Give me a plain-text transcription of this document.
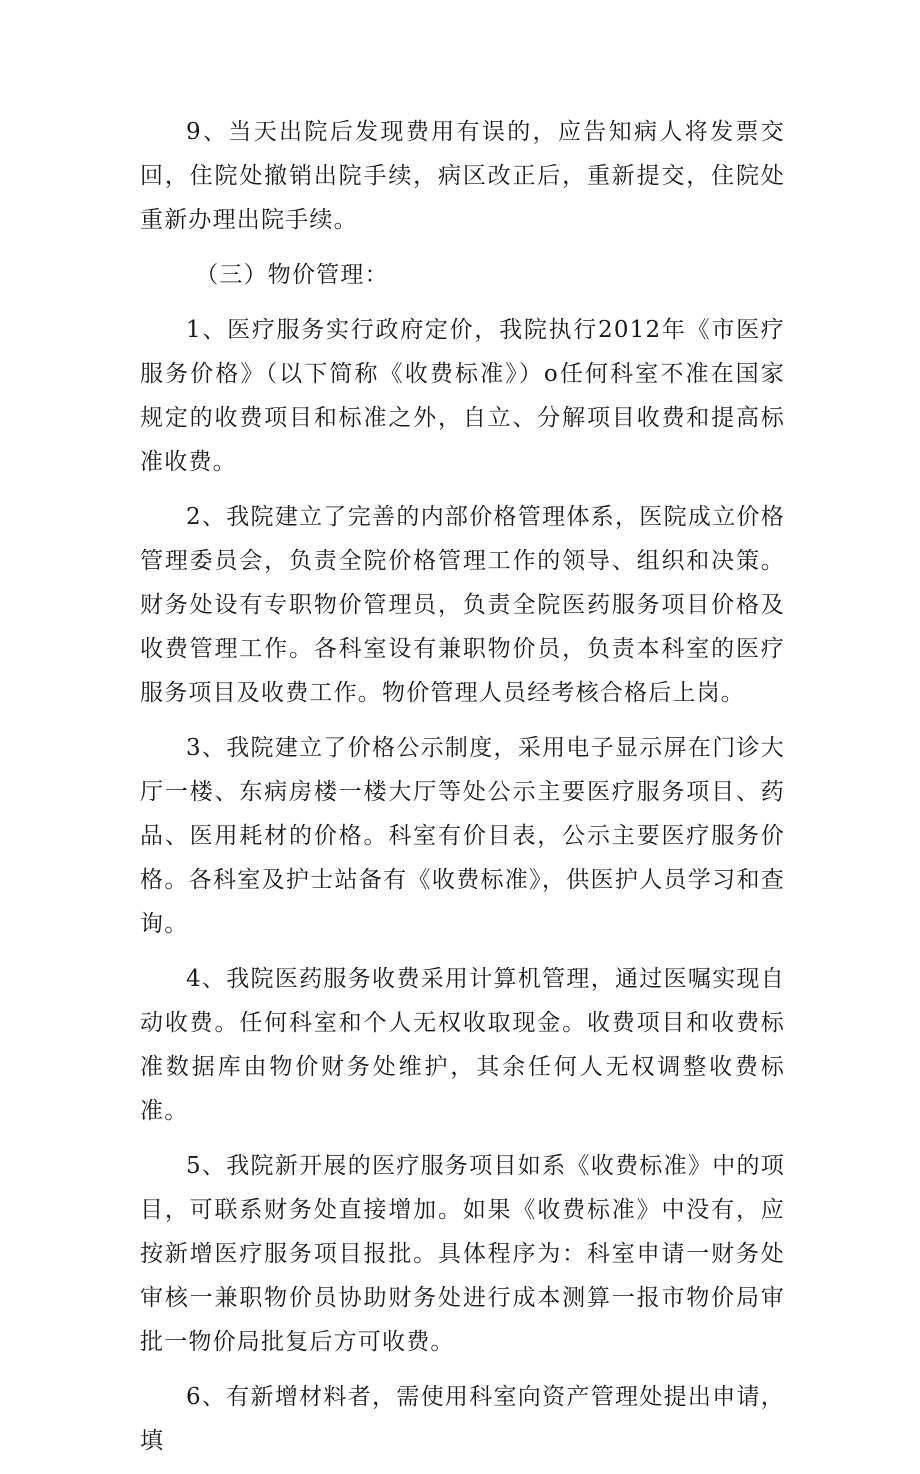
9、当天出院后发现费用有误的，应告知病人将发票交回，住院处撤销出院手续，病区改正后，重新提交，住院处重新办理出院手续。

（三）物价管理：

1、医疗服务实行政府定价，我院执行2012年《市医疗服务价格》（以下简称《收费标准》）o任何科室不准在国家规定的收费项目和标准之外，自立、分解项目收费和提高标准收费。

2、我院建立了完善的内部价格管理体系，医院成立价格管理委员会，负责全院价格管理工作的领导、组织和决策。财务处设有专职物价管理员，负责全院医药服务项目价格及收费管理工作。各科室设有兼职物价员，负责本科室的医疗服务项目及收费工作。物价管理人员经考核合格后上岗。

3、我院建立了价格公示制度，采用电子显示屏在门诊大厅一楼、东病房楼一楼大厅等处公示主要医疗服务项目、药品、医用耗材的价格。科室有价目表，公示主要医疗服务价格。各科室及护士站备有《收费标准》，供医护人员学习和查询。

4、我院医药服务收费采用计算机管理，通过医嘱实现自动收费。任何科室和个人无权收取现金。收费项目和收费标准数据库由物价财务处维护，其余任何人无权调整收费标准。

5、我院新开展的医疗服务项目如系《收费标准》中的项目，可联系财务处直接增加。如果《收费标准》中没有，应按新增医疗服务项目报批。具体程序为：科室申请一财务处审核一兼职物价员协助财务处进行成本测算一报市物价局审批一物价局批复后方可收费。

6、有新增材料者，需使用科室向资产管理处提出申请，填
